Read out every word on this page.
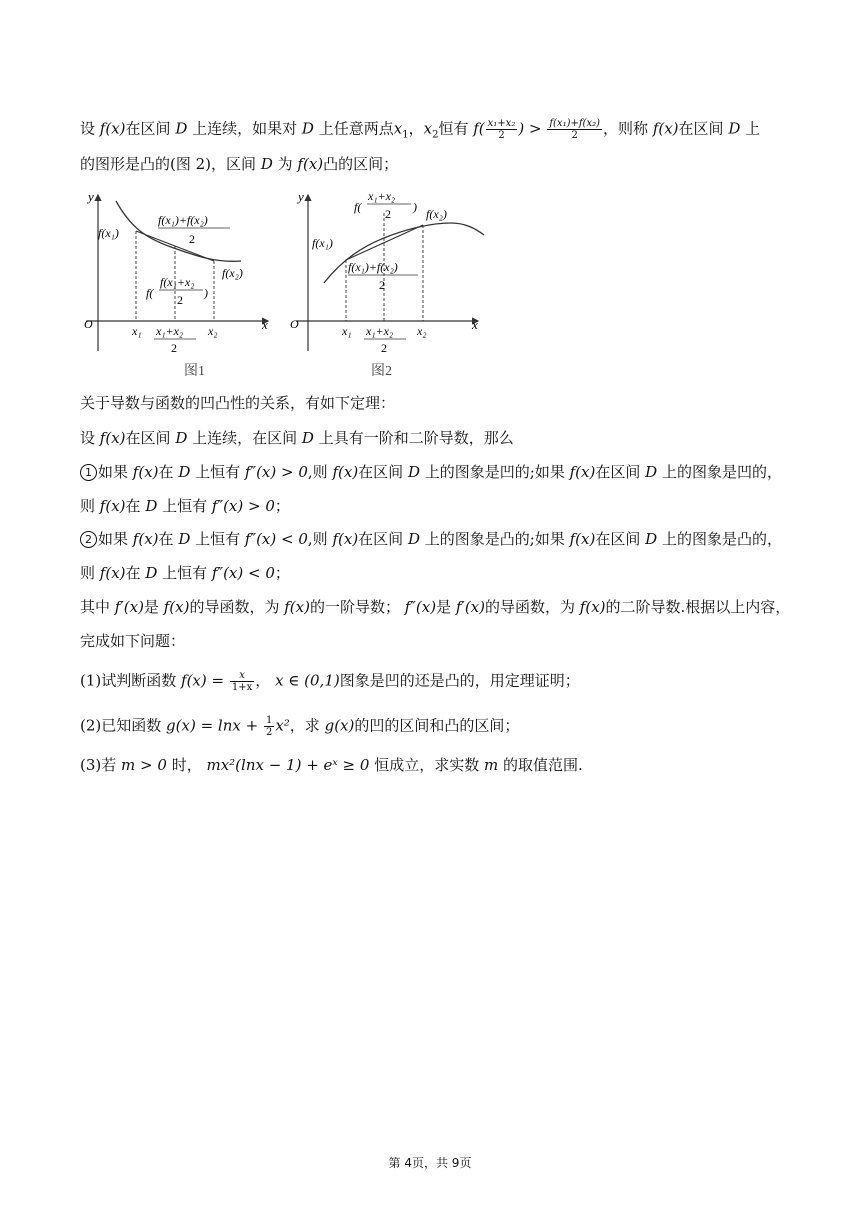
设 f(x)在区间 D 上连续，如果对 D 上任意两点$x_1$，$x_2$恒有 $f( \frac{\text{x₁+x₂}}{2}$ ) > $\frac{\text{f(x₁)+f(x₂)}}{2}$ ，则称 f(x)在区间 D 上
的图形是凸的(图 2)，区间 D 为 f(x)凸的区间；
y
x
O
f(x₁)
f(x₂)
f(x₁)+f(x₂)
2
f(
f(x₁+x₂
2 )
x₁	x₂
x₁+x₂
2
图1
y
x
O
f(x₁)
f(x₂)
f(
x₁+x₂
2 )
f(x₁)+f(x₂)
2
x₁	x₂
x₁+x₂
2
图2
关于导数与函数的凹凸性的关系，有如下定理：
设 f(x)在区间 D 上连续，在区间 D 上具有一阶和二阶导数，那么
1 如果 f(x)在 D 上恒有 f″(x) > 0,则 f(x)在区间 D 上的图象是凹的;如果 f(x)在区间 D 上的图象是凹的，
则 f(x)在 D 上恒有 f″(x) > 0；
2 如果 f(x)在 D 上恒有 f″(x) < 0,则 f(x)在区间 D 上的图象是凸的;如果 f(x)在区间 D 上的图象是凸的，
则 f(x)在 D 上恒有 f″(x) < 0；
其中 f′(x)是 f(x)的导函数，为 f(x)的一阶导数； f″(x)是 f′(x)的导函数，为 f(x)的二阶导数.根据以上内容，
完成如下问题：
(1)试判断函数 $f(x) = \frac{x}{1+x}$ ， x ∈ (0,1)图象是凹的还是凸的，用定理证明；
(2)已知函数 $g(x) = \ln x + \frac{1}{2} x^2$，求 g(x)的凹的区间和凸的区间；
(3)若 m > 0 时， mx²(lnx − 1) + eˣ ≥ 0 恒成立，求实数 m 的取值范围.
第 4页，共 9页
